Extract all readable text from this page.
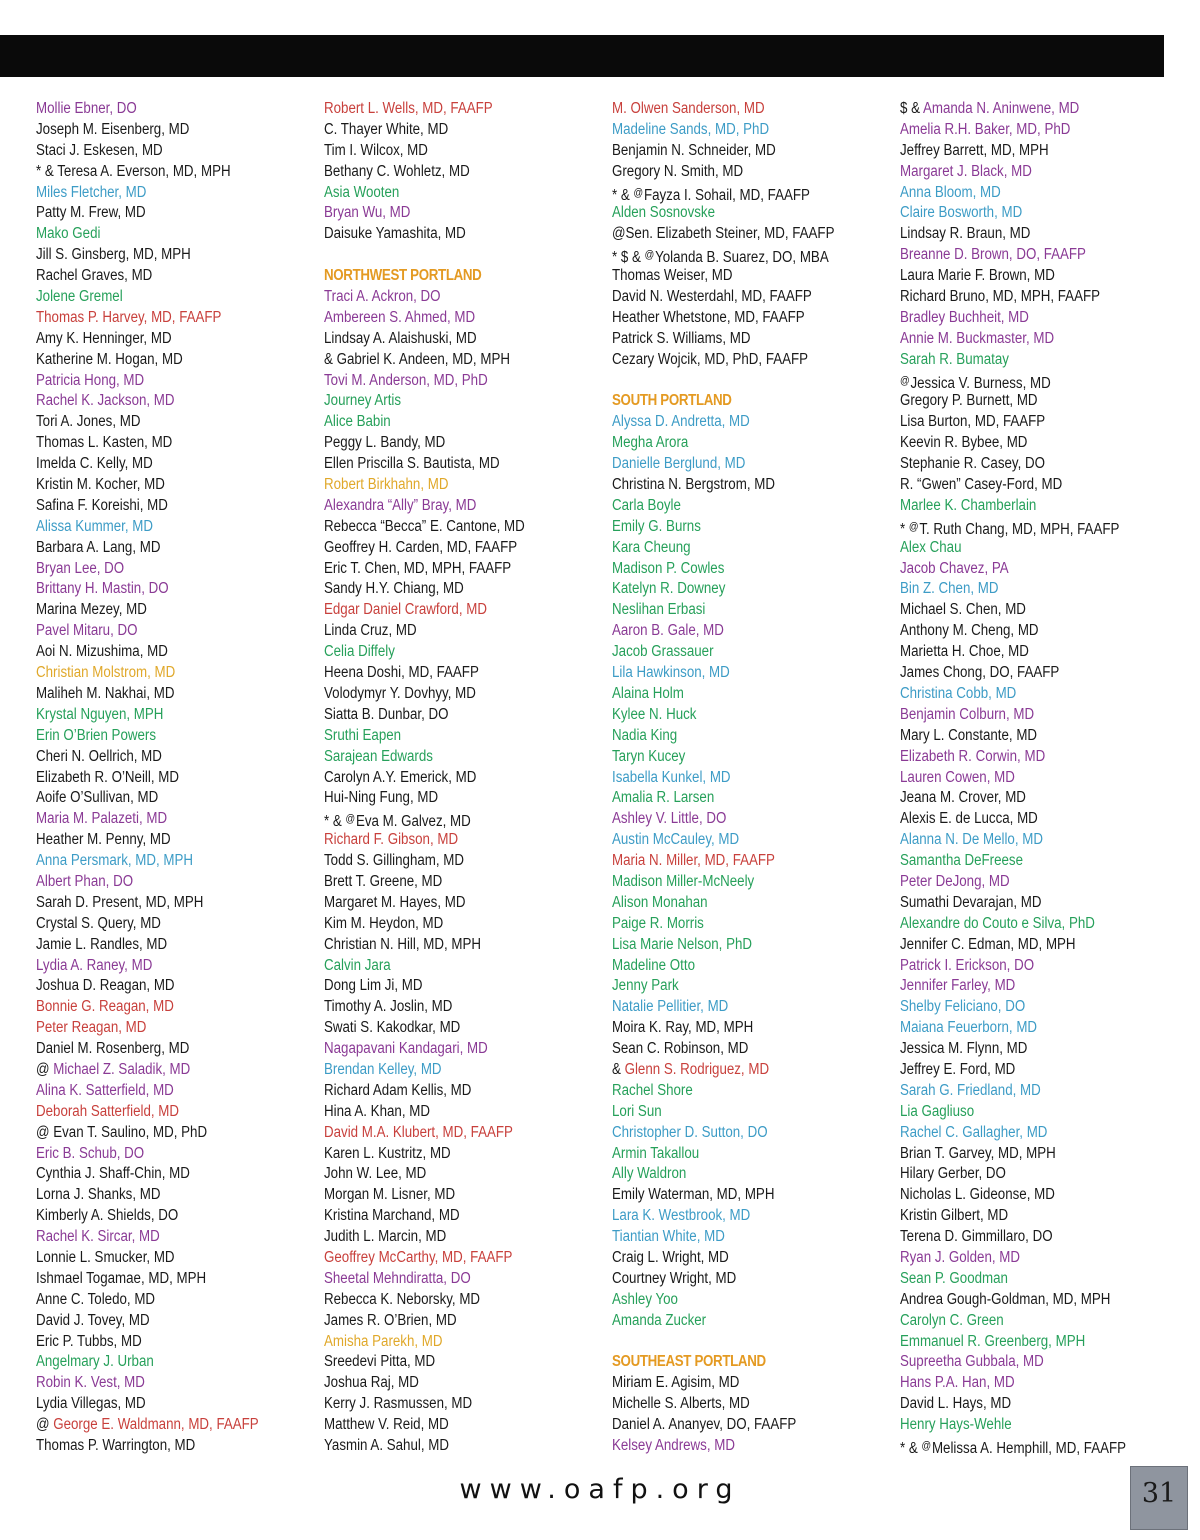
Mollie Ebner, DO
Joseph M. Eisenberg, MD
Staci J. Eskesen, MD
* & Teresa A. Everson, MD, MPH
Miles Fletcher, MD
Patty M. Frew, MD
Mako Gedi
Jill S. Ginsberg, MD, MPH
Rachel Graves, MD
Jolene Gremel
Thomas P. Harvey, MD, FAAFP
Amy K. Henninger, MD
Katherine M. Hogan, MD
Patricia Hong, MD
Rachel K. Jackson, MD
Tori A. Jones, MD
Thomas L. Kasten, MD
Imelda C. Kelly, MD
Kristin M. Kocher, MD
Safina F. Koreishi, MD
Alissa Kummer, MD
Barbara A. Lang, MD
Bryan Lee, DO
Brittany H. Mastin, DO
Marina Mezey, MD
Pavel Mitaru, DO
Aoi N. Mizushima, MD
Christian Molstrom, MD
Maliheh M. Nakhai, MD
Krystal Nguyen, MPH
Erin O’Brien Powers
Cheri N. Oellrich, MD
Elizabeth R. O’Neill, MD
Aoife O’Sullivan, MD
Maria M. Palazeti, MD
Heather M. Penny, MD
Anna Persmark, MD, MPH
Albert Phan, DO
Sarah D. Present, MD, MPH
Crystal S. Query, MD
Jamie L. Randles, MD
Lydia A. Raney, MD
Joshua D. Reagan, MD
Bonnie G. Reagan, MD
Peter Reagan, MD
Daniel M. Rosenberg, MD
@ Michael Z. Saladik, MD
Alina K. Satterfield, MD
Deborah Satterfield, MD
@ Evan T. Saulino, MD, PhD
Eric B. Schub, DO
Cynthia J. Shaff-Chin, MD
Lorna J. Shanks, MD
Kimberly A. Shields, DO
Rachel K. Sircar, MD
Lonnie L. Smucker, MD
Ishmael Togamae, MD, MPH
Anne C. Toledo, MD
David J. Tovey, MD
Eric P. Tubbs, MD
Angelmary J. Urban
Robin K. Vest, MD
Lydia Villegas, MD
@ George E. Waldmann, MD, FAAFP
Thomas P. Warrington, MD
Robert L. Wells, MD, FAAFP
C. Thayer White, MD
Tim I. Wilcox, MD
Bethany C. Wohletz, MD
Asia Wooten
Bryan Wu, MD
Daisuke Yamashita, MD
NORTHWEST PORTLAND
Traci A. Ackron, DO
Ambereen S. Ahmed, MD
Lindsay A. Alaishuski, MD
& Gabriel K. Andeen, MD, MPH
Tovi M. Anderson, MD, PhD
Journey Artis
Alice Babin
Peggy L. Bandy, MD
Ellen Priscilla S. Bautista, MD
Robert Birkhahn, MD
Alexandra “Ally” Bray, MD
Rebecca “Becca” E. Cantone, MD
Geoffrey H. Carden, MD, FAAFP
Eric T. Chen, MD, MPH, FAAFP
Sandy H.Y. Chiang, MD
Edgar Daniel Crawford, MD
Linda Cruz, MD
Celia Diffely
Heena Doshi, MD, FAAFP
Volodymyr Y. Dovhyy, MD
Siatta B. Dunbar, DO
Sruthi Eapen
Sarajean Edwards
Carolyn A.Y. Emerick, MD
Hui-Ning Fung, MD
* & @Eva M. Galvez, MD
Richard F. Gibson, MD
Todd S. Gillingham, MD
Brett T. Greene, MD
Margaret M. Hayes, MD
Kim M. Heydon, MD
Christian N. Hill, MD, MPH
Calvin Jara
Dong Lim Ji, MD
Timothy A. Joslin, MD
Swati S. Kakodkar, MD
Nagapavani Kandagari, MD
Brendan Kelley, MD
Richard Adam Kellis, MD
Hina A. Khan, MD
David M.A. Klubert, MD, FAAFP
Karen L. Kustritz, MD
John W. Lee, MD
Morgan M. Lisner, MD
Kristina Marchand, MD
Judith L. Marcin, MD
Geoffrey McCarthy, MD, FAAFP
Sheetal Mehndiratta, DO
Rebecca K. Neborsky, MD
James R. O’Brien, MD
Amisha Parekh, MD
Sreedevi Pitta, MD
Joshua Raj, MD
Kerry J. Rasmussen, MD
Matthew V. Reid, MD
Yasmin A. Sahul, MD
M. Olwen Sanderson, MD
Madeline Sands, MD, PhD
Benjamin N. Schneider, MD
Gregory N. Smith, MD
* & @Fayza I. Sohail, MD, FAAFP
Alden Sosnovske
@Sen. Elizabeth Steiner, MD, FAAFP
* $ & @Yolanda B. Suarez, DO, MBA
Thomas Weiser, MD
David N. Westerdahl, MD, FAAFP
Heather Whetstone, MD, FAAFP
Patrick S. Williams, MD
Cezary Wojcik, MD, PhD, FAAFP
SOUTH PORTLAND
Alyssa D. Andretta, MD
Megha Arora
Danielle Berglund, MD
Christina N. Bergstrom, MD
Carla Boyle
Emily G. Burns
Kara Cheung
Madison P. Cowles
Katelyn R. Downey
Neslihan Erbasi
Aaron B. Gale, MD
Jacob Grassauer
Lila Hawkinson, MD
Alaina Holm
Kylee N. Huck
Nadia King
Taryn Kucey
Isabella Kunkel, MD
Amalia R. Larsen
Ashley V. Little, DO
Austin McCauley, MD
Maria N. Miller, MD, FAAFP
Madison Miller-McNeely
Alison Monahan
Paige R. Morris
Lisa Marie Nelson, PhD
Madeline Otto
Jenny Park
Natalie Pellitier, MD
Moira K. Ray, MD, MPH
Sean C. Robinson, MD
& Glenn S. Rodriguez, MD
Rachel Shore
Lori Sun
Christopher D. Sutton, DO
Armin Takallou
Ally Waldron
Emily Waterman, MD, MPH
Lara K. Westbrook, MD
Tiantian White, MD
Craig L. Wright, MD
Courtney Wright, MD
Ashley Yoo
Amanda Zucker
SOUTHEAST PORTLAND
Miriam E. Agisim, MD
Michelle S. Alberts, MD
Daniel A. Ananyev, DO, FAAFP
Kelsey Andrews, MD
$ & Amanda N. Aninwene, MD
Amelia R.H. Baker, MD, PhD
Jeffrey Barrett, MD, MPH
Margaret J. Black, MD
Anna Bloom, MD
Claire Bosworth, MD
Lindsay R. Braun, MD
Breanne D. Brown, DO, FAAFP
Laura Marie F. Brown, MD
Richard Bruno, MD, MPH, FAAFP
Bradley Buchheit, MD
Annie M. Buckmaster, MD
Sarah R. Bumatay
@Jessica V. Burness, MD
Gregory P. Burnett, MD
Lisa Burton, MD, FAAFP
Keevin R. Bybee, MD
Stephanie R. Casey, DO
R. “Gwen” Casey-Ford, MD
Marlee K. Chamberlain
* @T. Ruth Chang, MD, MPH, FAAFP
Alex Chau
Jacob Chavez, PA
Bin Z. Chen, MD
Michael S. Chen, MD
Anthony M. Cheng, MD
Marietta H. Choe, MD
James Chong, DO, FAAFP
Christina Cobb, MD
Benjamin Colburn, MD
Mary L. Constante, MD
Elizabeth R. Corwin, MD
Lauren Cowen, MD
Jeana M. Crover, MD
Alexis E. de Lucca, MD
Alanna N. De Mello, MD
Samantha DeFreese
Peter DeJong, MD
Sumathi Devarajan, MD
Alexandre do Couto e Silva, PhD
Jennifer C. Edman, MD, MPH
Patrick I. Erickson, DO
Jennifer Farley, MD
Shelby Feliciano, DO
Maiana Feuerborn, MD
Jessica M. Flynn, MD
Jeffrey E. Ford, MD
Sarah G. Friedland, MD
Lia Gagliuso
Rachel C. Gallagher, MD
Brian T. Garvey, MD, MPH
Hilary Gerber, DO
Nicholas L. Gideonse, MD
Kristin Gilbert, MD
Terena D. Gimmillaro, DO
Ryan J. Golden, MD
Sean P. Goodman
Andrea Gough-Goldman, MD, MPH
Carolyn C. Green
Emmanuel R. Greenberg, MPH
Supreetha Gubbala, MD
Hans P.A. Han, MD
David L. Hays, MD
Henry Hays-Wehle
* & @Melissa A. Hemphill, MD, FAAFP
www.oafp.org	31
